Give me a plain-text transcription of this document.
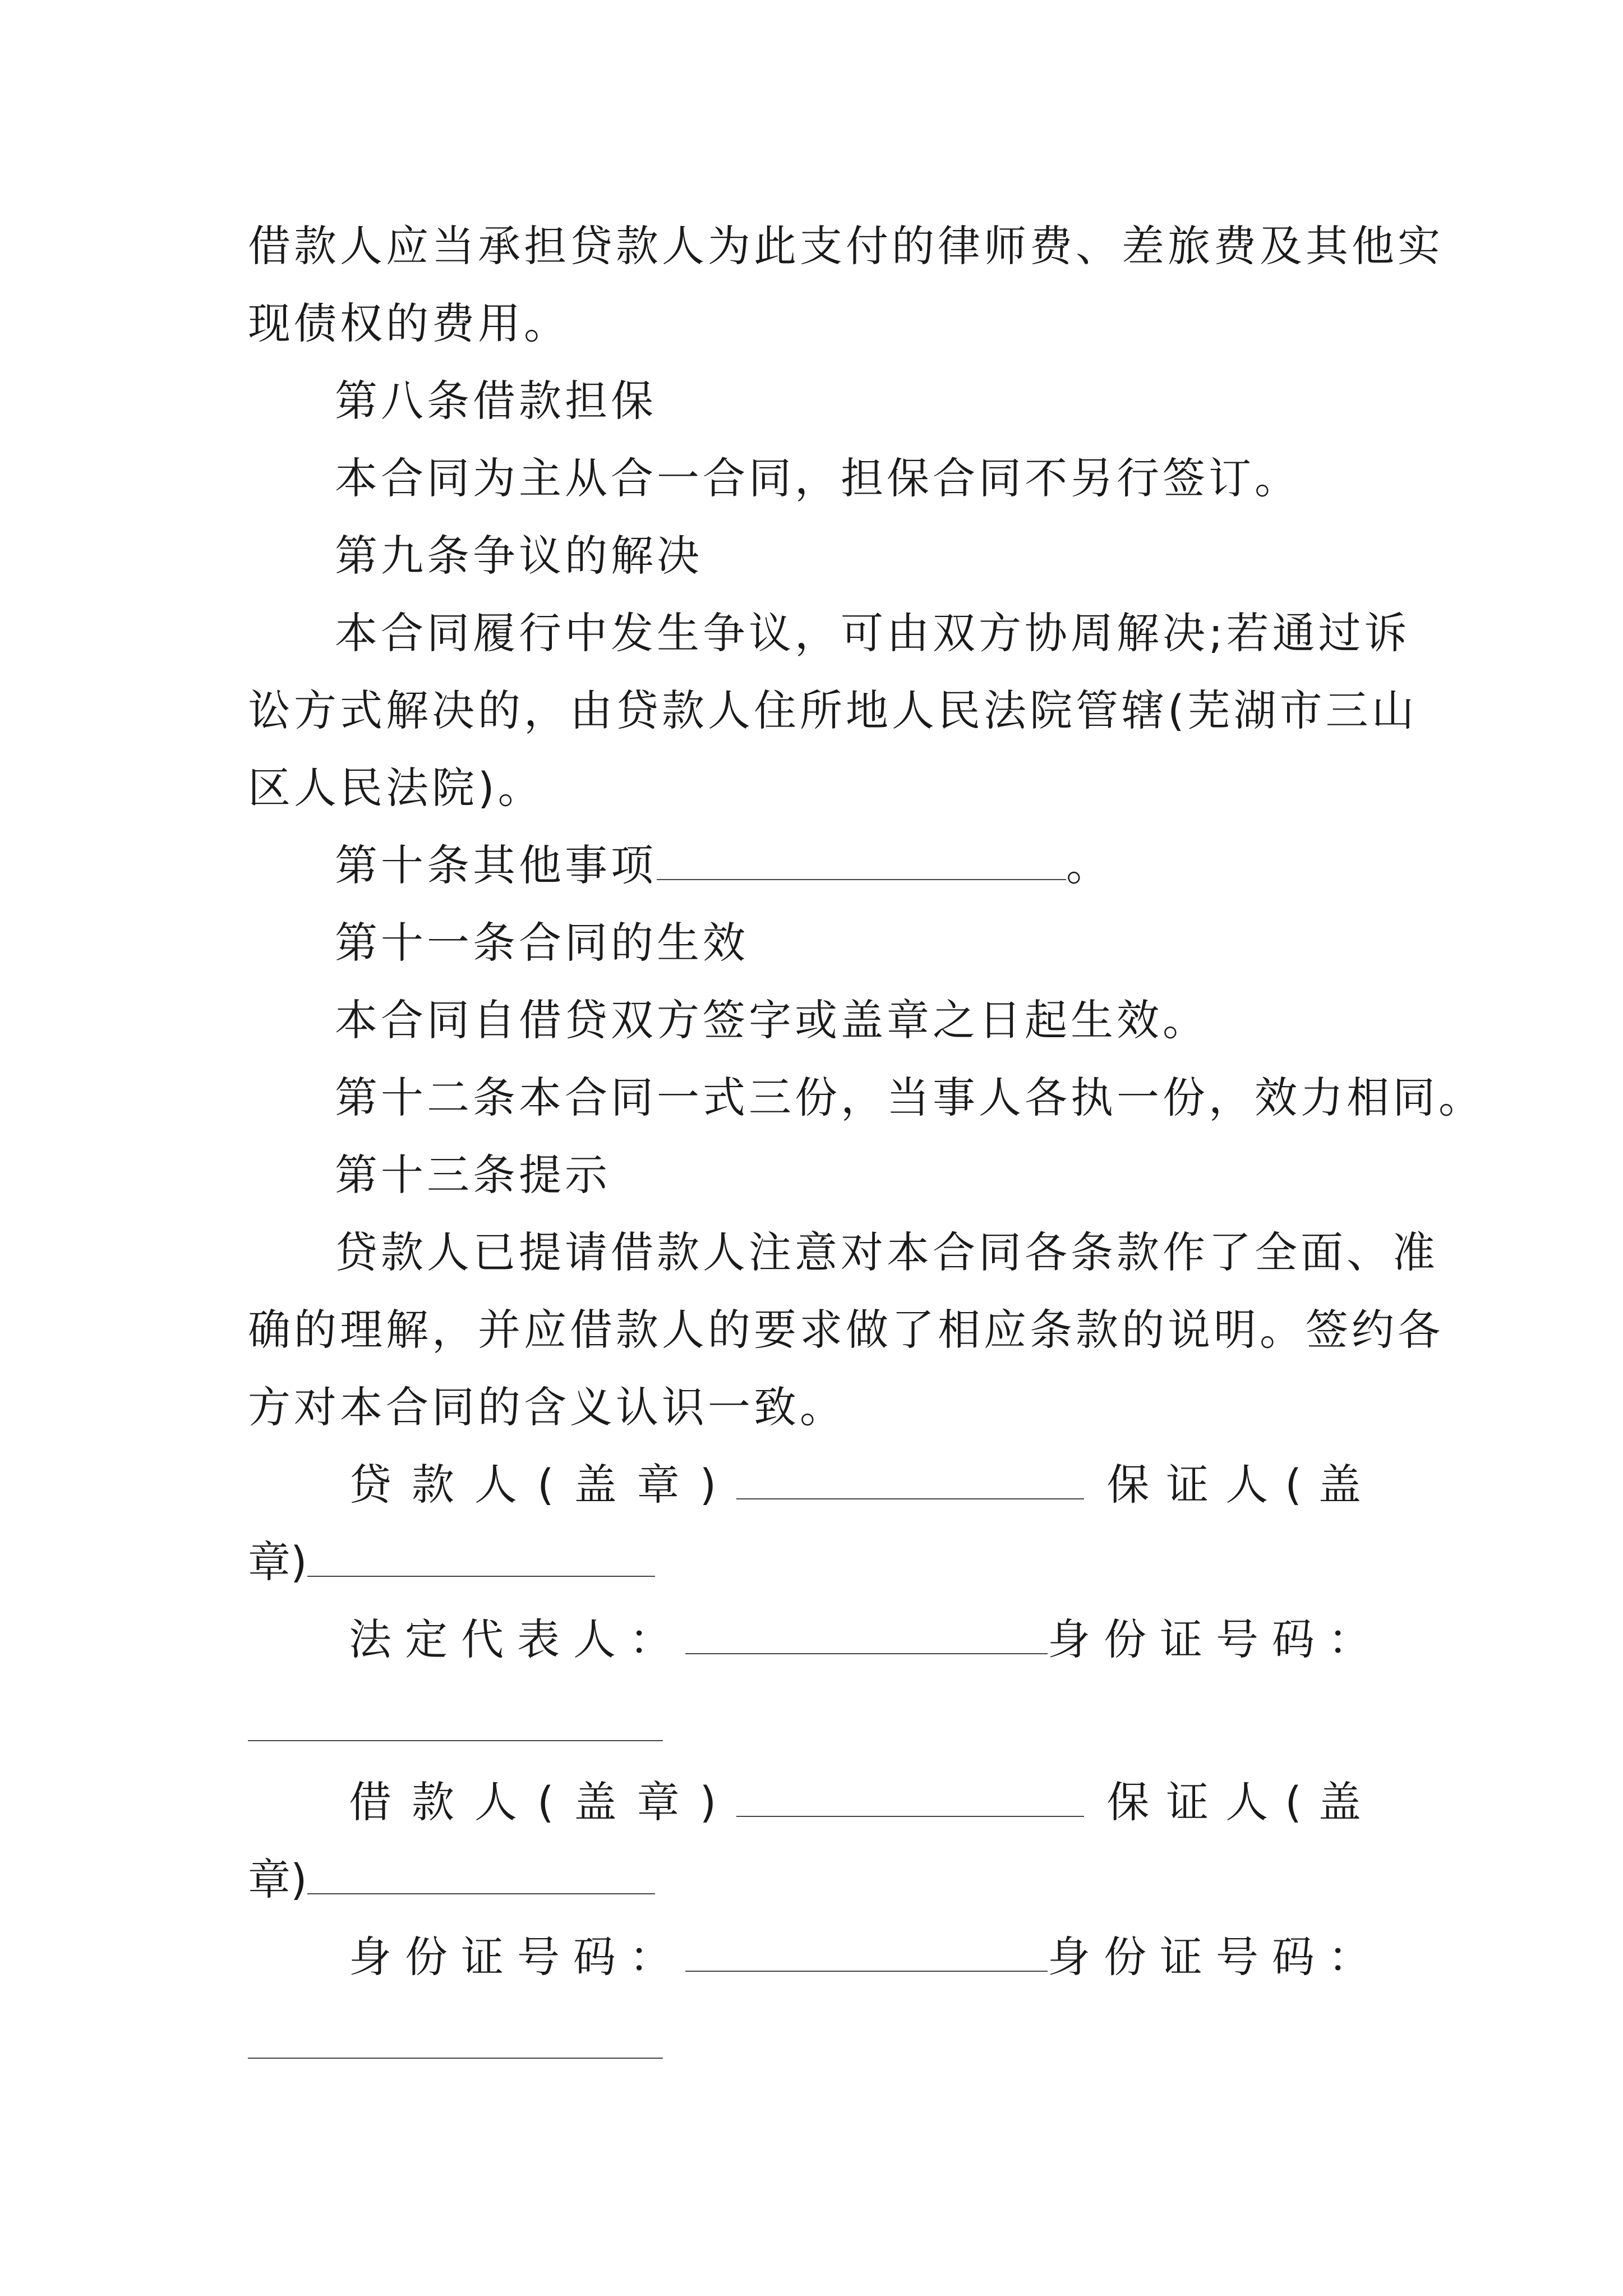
借款人应当承担贷款人为此支付的律师费、差旅费及其他实

现债权的费用。

第八条借款担保

本合同为主从合一合同，担保合同不另行签订。

第九条争议的解决

本合同履行中发生争议，可由双方协周解决;若通过诉

讼方式解决的，由贷款人住所地人民法院管辖(芜湖市三山

区人民法院)。

第十条其他事项	。

第十一条合同的生效

本合同自借贷双方签字或盖章之日起生效。

第十二条本合同一式三份，当事人各执一份，效力相同。

第十三条提示

贷款人已提请借款人注意对本合同各条款作了全面、准

确的理解，并应借款人的要求做了相应条款的说明。签约各

方对本合同的含义认识一致。

贷款人(盖章)	保证人(盖
章)
法定代表人：	身份证号码：
借款人(盖章)	保证人(盖
章)
身份证号码：	身份证号码：
